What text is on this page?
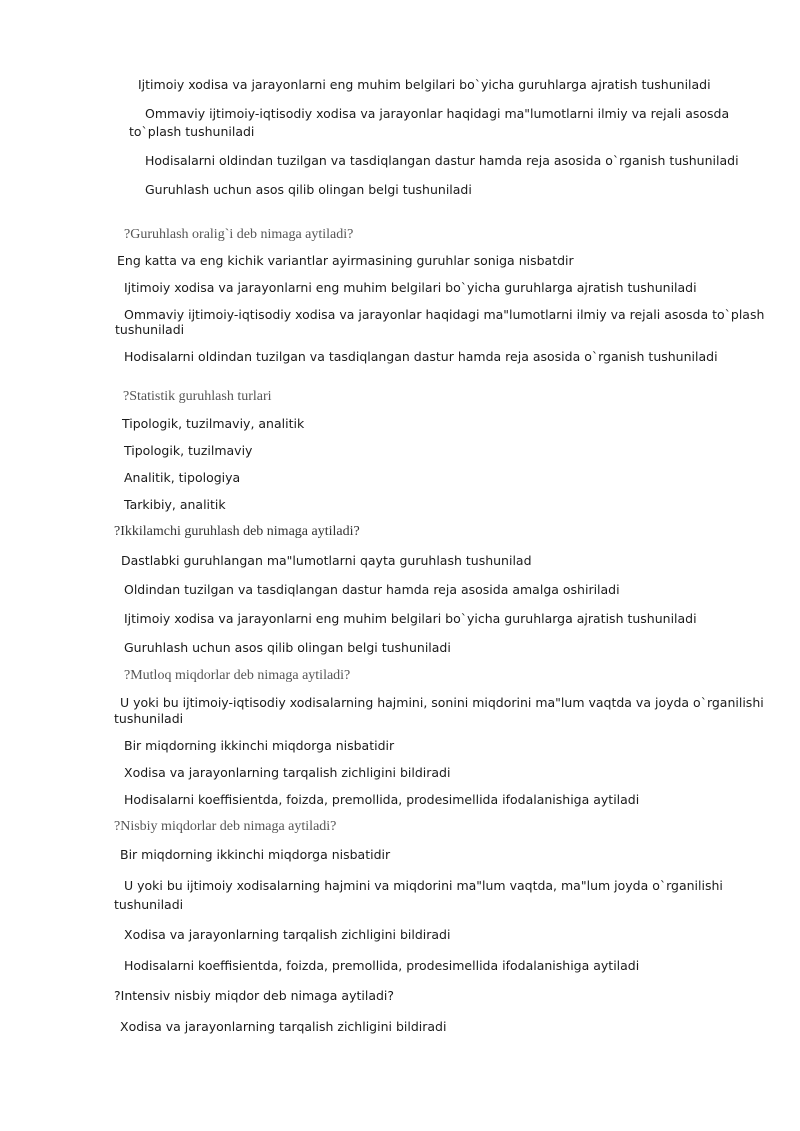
Ijtimoiy xodisa va jarayonlarni eng muhim belgilari bo`yicha guruhlarga ajratish tushuniladi
Ommaviy ijtimoiy-iqtisodiy xodisa va jarayonlar haqidagi ma"lumotlarni ilmiy va rejali asosda
to`plash tushuniladi
Hodisalarni oldindan tuzilgan va tasdiqlangan dastur hamda reja asosida o`rganish tushuniladi
Guruhlash uchun asos qilib olingan belgi tushuniladi
?Guruhlash oralig`i deb nimaga aytiladi?
Eng katta va eng kichik variantlar ayirmasining guruhlar soniga nisbatdir
Ijtimoiy xodisa va jarayonlarni eng muhim belgilari bo`yicha guruhlarga ajratish tushuniladi
Ommaviy ijtimoiy-iqtisodiy xodisa va jarayonlar haqidagi ma"lumotlarni ilmiy va rejali asosda to`plash
tushuniladi
Hodisalarni oldindan tuzilgan va tasdiqlangan dastur hamda reja asosida o`rganish tushuniladi
?Statistik guruhlash turlari
Tipologik, tuzilmaviy, analitik
Tipologik, tuzilmaviy
Analitik, tipologiya
Tarkibiy, analitik
?Ikkilamchi guruhlash deb nimaga aytiladi?
Dastlabki guruhlangan ma"lumotlarni qayta guruhlash tushunilad
Oldindan tuzilgan va tasdiqlangan dastur hamda reja asosida amalga oshiriladi
Ijtimoiy xodisa va jarayonlarni eng muhim belgilari bo`yicha guruhlarga ajratish tushuniladi
Guruhlash uchun asos qilib olingan belgi tushuniladi
?Mutloq miqdorlar deb nimaga aytiladi?
U yoki bu ijtimoiy-iqtisodiy xodisalarning hajmini, sonini miqdorini ma"lum vaqtda va joyda o`rganilishi
tushuniladi
Bir miqdorning ikkinchi miqdorga nisbatidir
Xodisa va jarayonlarning tarqalish zichligini bildiradi
Hodisalarni koeffisientda, foizda, premollida, prodesimellida ifodalanishiga aytiladi
?Nisbiy miqdorlar deb nimaga aytiladi?
Bir miqdorning ikkinchi miqdorga nisbatidir
U yoki bu ijtimoiy xodisalarning hajmini va miqdorini ma"lum vaqtda, ma"lum joyda o`rganilishi
tushuniladi
Xodisa va jarayonlarning tarqalish zichligini bildiradi
Hodisalarni koeffisientda, foizda, premollida, prodesimellida ifodalanishiga aytiladi
?Intensiv nisbiy miqdor deb nimaga aytiladi?
Xodisa va jarayonlarning tarqalish zichligini bildiradi
